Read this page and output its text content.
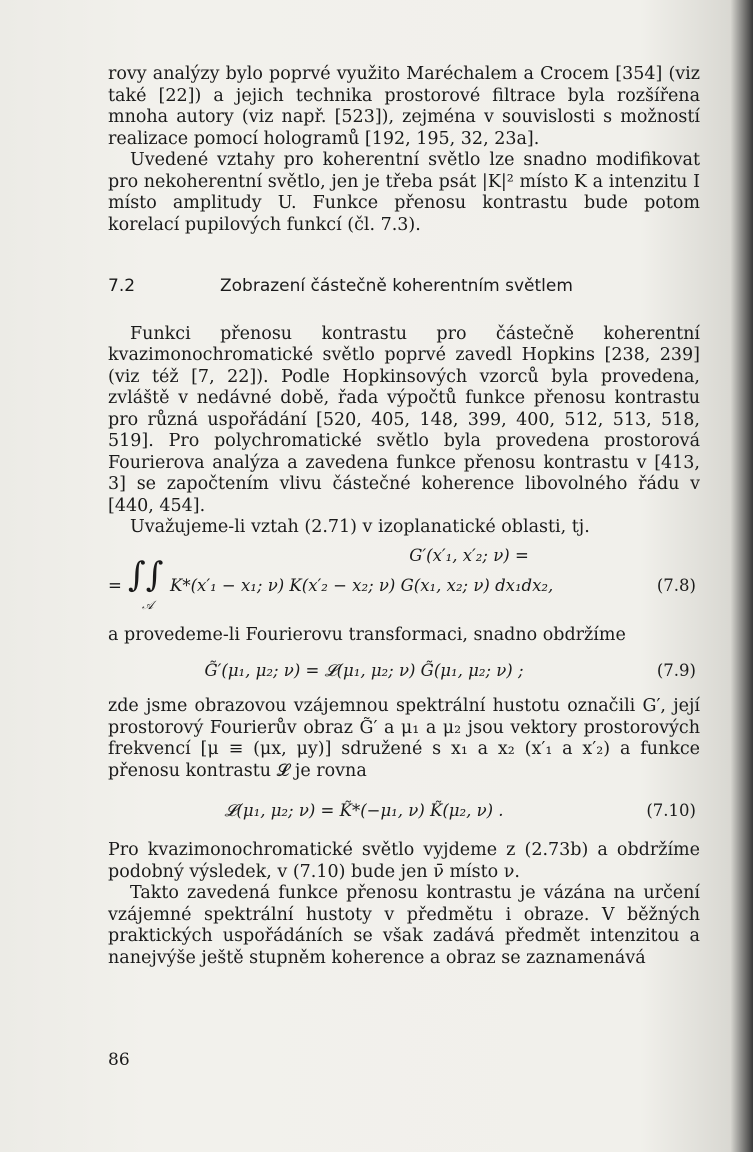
rovy analýzy bylo poprvé využito Maréchalem a Crocem [354] (viz také [22]) a jejich technika prostorové filtrace byla rozšířena mnoha autory (viz např. [523]), zejména v souvislosti s možností realizace pomocí hologramů [192, 195, 32, 23a].

Uvedené vztahy pro koherentní světlo lze snadno modifikovat pro nekoherentní světlo, jen je třeba psát |K|² místo K a intenzitu I místo amplitudy U. Funkce přenosu kontrastu bude potom korelací pupilových funkcí (čl. 7.3).

7.2	Zobrazení částečně koherentním světlem

Funkci přenosu kontrastu pro částečně koherentní kvazimonochromatické světlo poprvé zavedl Hopkins [238, 239] (viz též [7, 22]). Podle Hopkinsových vzorců byla provedena, zvláště v nedávné době, řada výpočtů funkce přenosu kontrastu pro různá uspořádání [520, 405, 148, 399, 400, 512, 513, 518, 519]. Pro polychromatické světlo byla provedena prostorová Fourierova analýza a zavedena funkce přenosu kontrastu v [413, 3] se započtením vlivu částečné koherence libovolného řádu v [440, 454].

Uvažujeme-li vztah (2.71) v izoplanatické oblasti, tj.

G′(x′₁, x′₂; ν) =
= ∫∫
𝒜
K*(x′₁ − x₁; ν) K(x′₂ − x₂; ν) G(x₁, x₂; ν) dx₁dx₂,	(7.8)

a provedeme-li Fourierovu transformaci, snadno obdržíme

G̃′(μ₁, μ₂; ν) = 𝓛(μ₁, μ₂; ν) G̃(μ₁, μ₂; ν) ;	(7.9)

zde jsme obrazovou vzájemnou spektrální hustotu označili G′, její prostorový Fourierův obraz G̃′ a μ₁ a μ₂ jsou vektory prostorových frekvencí [μ ≡ (μx, μy)] sdružené s x₁ a x₂ (x′₁ a x′₂) a funkce přenosu kontrastu 𝓛 je rovna

𝓛(μ₁, μ₂; ν) = K̃*(−μ₁, ν) K̃(μ₂, ν) .	(7.10)

Pro kvazimonochromatické světlo vyjdeme z (2.73b) a obdržíme podobný výsledek, v (7.10) bude jen ν̄ místo ν.

Takto zavedená funkce přenosu kontrastu je vázána na určení vzájemné spektrální hustoty v předmětu i obraze. V běžných praktických uspořádáních se však zadává předmět intenzitou a nanejvýše ještě stupněm koherence a obraz se zaznamenává

86
